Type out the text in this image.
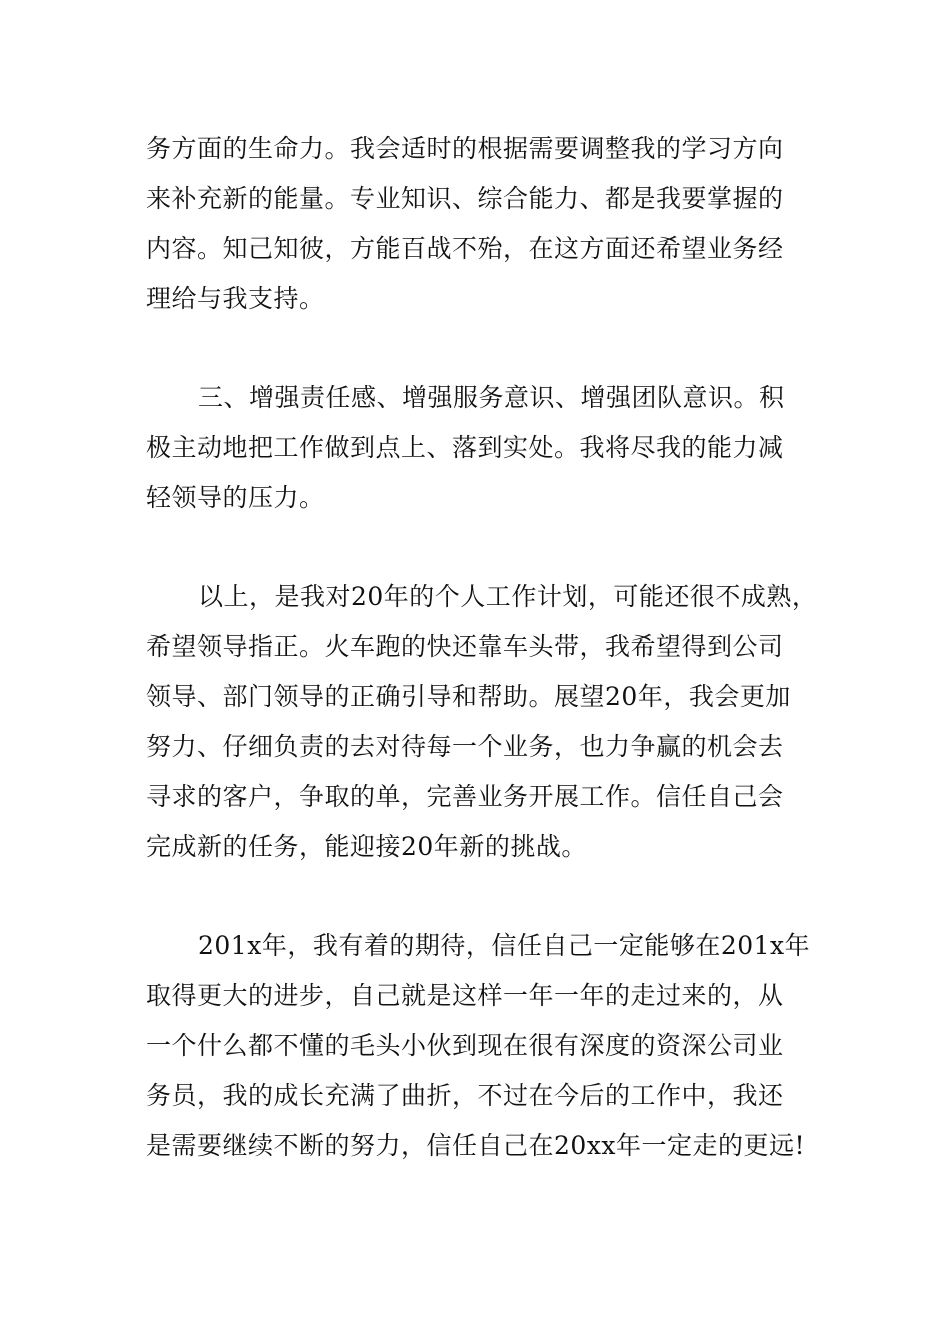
务方面的生命力。我会适时的根据需要调整我的学习方向
来补充新的能量。专业知识、综合能力、都是我要掌握的
内容。知己知彼，方能百战不殆，在这方面还希望业务经
理给与我支持。
三、增强责任感、增强服务意识、增强团队意识。积
极主动地把工作做到点上、落到实处。我将尽我的能力减
轻领导的压力。
以上，是我对20年的个人工作计划，可能还很不成熟，
希望领导指正。火车跑的快还靠车头带，我希望得到公司
领导、部门领导的正确引导和帮助。展望20年，我会更加
努力、仔细负责的去对待每一个业务，也力争赢的机会去
寻求的客户，争取的单，完善业务开展工作。信任自己会
完成新的任务，能迎接20年新的挑战。
201x年，我有着的期待，信任自己一定能够在201x年
取得更大的进步，自己就是这样一年一年的走过来的，从
一个什么都不懂的毛头小伙到现在很有深度的资深公司业
务员，我的成长充满了曲折，不过在今后的工作中，我还
是需要继续不断的努力，信任自己在20xx年一定走的更远!
